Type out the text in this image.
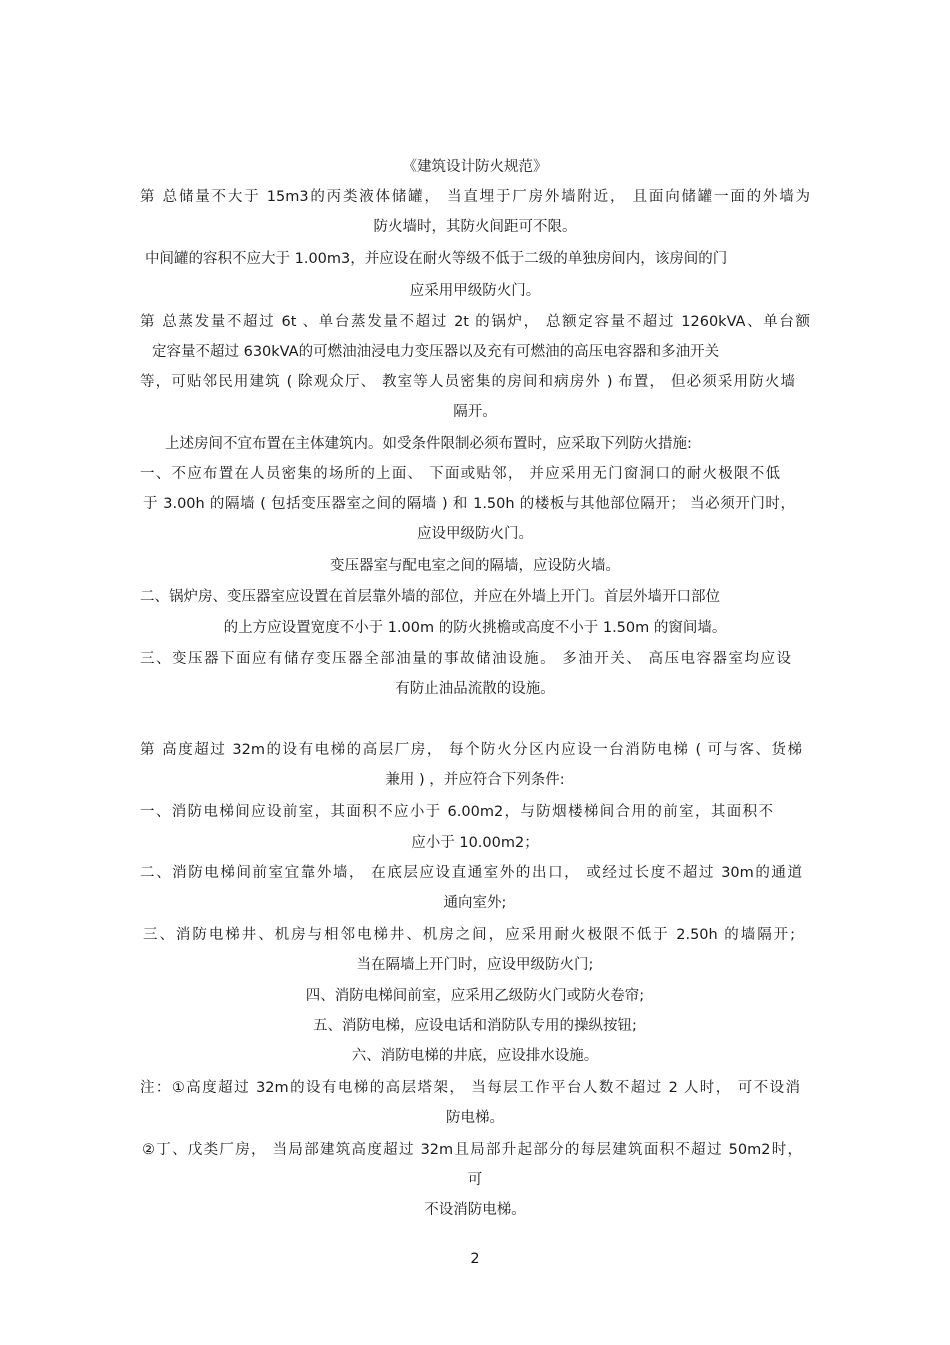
《建筑设计防火规范》
第 总储量不大于 15m3的丙类液体储罐， 当直埋于厂房外墙附近， 且面向储罐一面的外墙为
防火墙时，其防火间距可不限。
中间罐的容积不应大于 1.00m3，并应设在耐火等级不低于二级的单独房间内，该房间的门
应采用甲级防火门。
第 总蒸发量不超过 6t 、单台蒸发量不超过 2t 的锅炉， 总额定容量不超过 1260kVA、单台额
定容量不超过 630kVA的可燃油油浸电力变压器以及充有可燃油的高压电容器和多油开关
等，可贴邻民用建筑 ( 除观众厅、 教室等人员密集的房间和病房外 ) 布置， 但必须采用防火墙
隔开。
上述房间不宜布置在主体建筑内。如受条件限制必须布置时，应采取下列防火措施:
一、不应布置在人员密集的场所的上面、 下面或贴邻， 并应采用无门窗洞口的耐火极限不低
于 3.00h 的隔墙 ( 包括变压器室之间的隔墙 ) 和 1.50h 的楼板与其他部位隔开； 当必须开门时，
应设甲级防火门。
变压器室与配电室之间的隔墙，应设防火墙。
二、锅炉房、变压器室应设置在首层靠外墙的部位，并应在外墙上开门。首层外墙开口部位
的上方应设置宽度不小于 1.00m 的防火挑檐或高度不小于 1.50m 的窗间墙。
三、变压器下面应有储存变压器全部油量的事故储油设施。 多油开关、 高压电容器室均应设
有防止油品流散的设施。
第 高度超过 32m的设有电梯的高层厂房， 每个防火分区内应设一台消防电梯 ( 可与客、货梯
兼用 ) ，并应符合下列条件:
一、消防电梯间应设前室，其面积不应小于 6.00m2，与防烟楼梯间合用的前室，其面积不
应小于 10.00m2；
二、消防电梯间前室宜靠外墙， 在底层应设直通室外的出口， 或经过长度不超过 30m的通道
通向室外;
三、消防电梯井、机房与相邻电梯井、机房之间，应采用耐火极限不低于 2.50h 的墙隔开;
当在隔墙上开门时，应设甲级防火门;
四、消防电梯间前室，应采用乙级防火门或防火卷帘;
五、消防电梯，应设电话和消防队专用的操纵按钮;
六、消防电梯的井底，应设排水设施。
注：①高度超过 32m的设有电梯的高层塔架， 当每层工作平台人数不超过 2 人时， 可不设消
防电梯。
②丁、戊类厂房， 当局部建筑高度超过 32m且局部升起部分的每层建筑面积不超过 50m2时，
可
不设消防电梯。
2
